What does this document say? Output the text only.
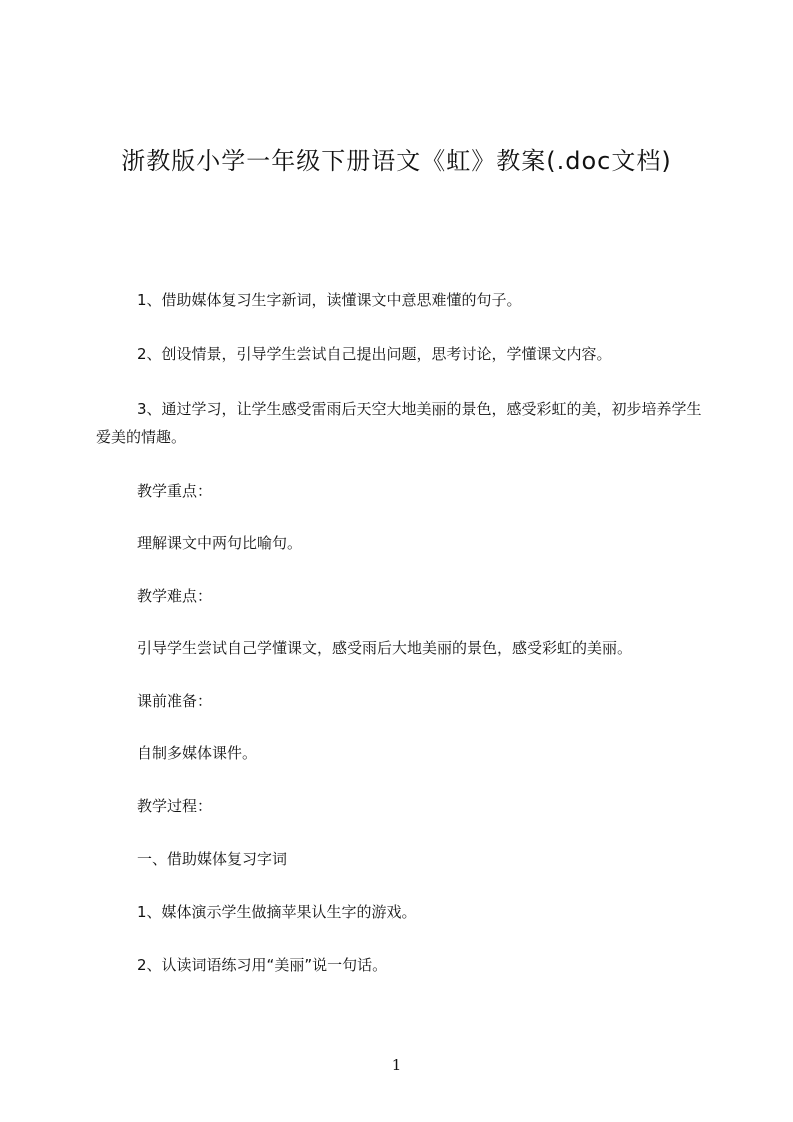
浙教版小学一年级下册语文《虹》教案(.doc文档)
1、借助媒体复习生字新词，读懂课文中意思难懂的句子。
2、创设情景，引导学生尝试自己提出问题，思考讨论，学懂课文内容。
3、通过学习，让学生感受雷雨后天空大地美丽的景色，感受彩虹的美，初步培养学生爱美的情趣。
教学重点：
理解课文中两句比喻句。
教学难点：
引导学生尝试自己学懂课文，感受雨后大地美丽的景色，感受彩虹的美丽。
课前准备：
自制多媒体课件。
教学过程：
一、借助媒体复习字词
1、媒体演示学生做摘苹果认生字的游戏。
2、认读词语练习用“美丽”说一句话。
1
